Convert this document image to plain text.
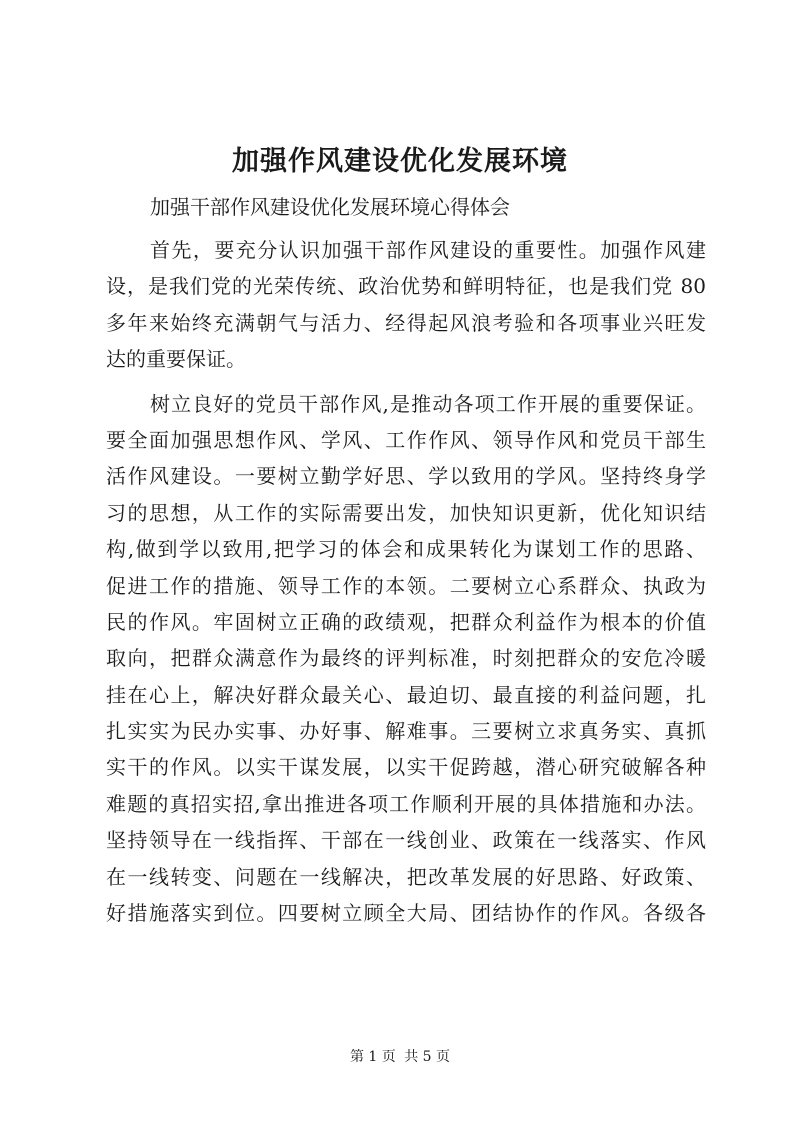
加强作风建设优化发展环境
加强干部作风建设优化发展环境心得体会
首先，要充分认识加强干部作风建设的重要性。加强作风建
设，是我们党的光荣传统、政治优势和鲜明特征，也是我们党 80
多年来始终充满朝气与活力、经得起风浪考验和各项事业兴旺发
达的重要保证。
树立良好的党员干部作风,是推动各项工作开展的重要保证。
要全面加强思想作风、学风、工作作风、领导作风和党员干部生
活作风建设。一要树立勤学好思、学以致用的学风。坚持终身学
习的思想，从工作的实际需要出发，加快知识更新，优化知识结
构,做到学以致用,把学习的体会和成果转化为谋划工作的思路、
促进工作的措施、领导工作的本领。二要树立心系群众、执政为
民的作风。牢固树立正确的政绩观，把群众利益作为根本的价值
取向，把群众满意作为最终的评判标准，时刻把群众的安危冷暖
挂在心上，解决好群众最关心、最迫切、最直接的利益问题，扎
扎实实为民办实事、办好事、解难事。三要树立求真务实、真抓
实干的作风。以实干谋发展，以实干促跨越，潜心研究破解各种
难题的真招实招,拿出推进各项工作顺利开展的具体措施和办法。
坚持领导在一线指挥、干部在一线创业、政策在一线落实、作风
在一线转变、问题在一线解决，把改革发展的好思路、好政策、
好措施落实到位。四要树立顾全大局、团结协作的作风。各级各
第 1 页 共 5 页
